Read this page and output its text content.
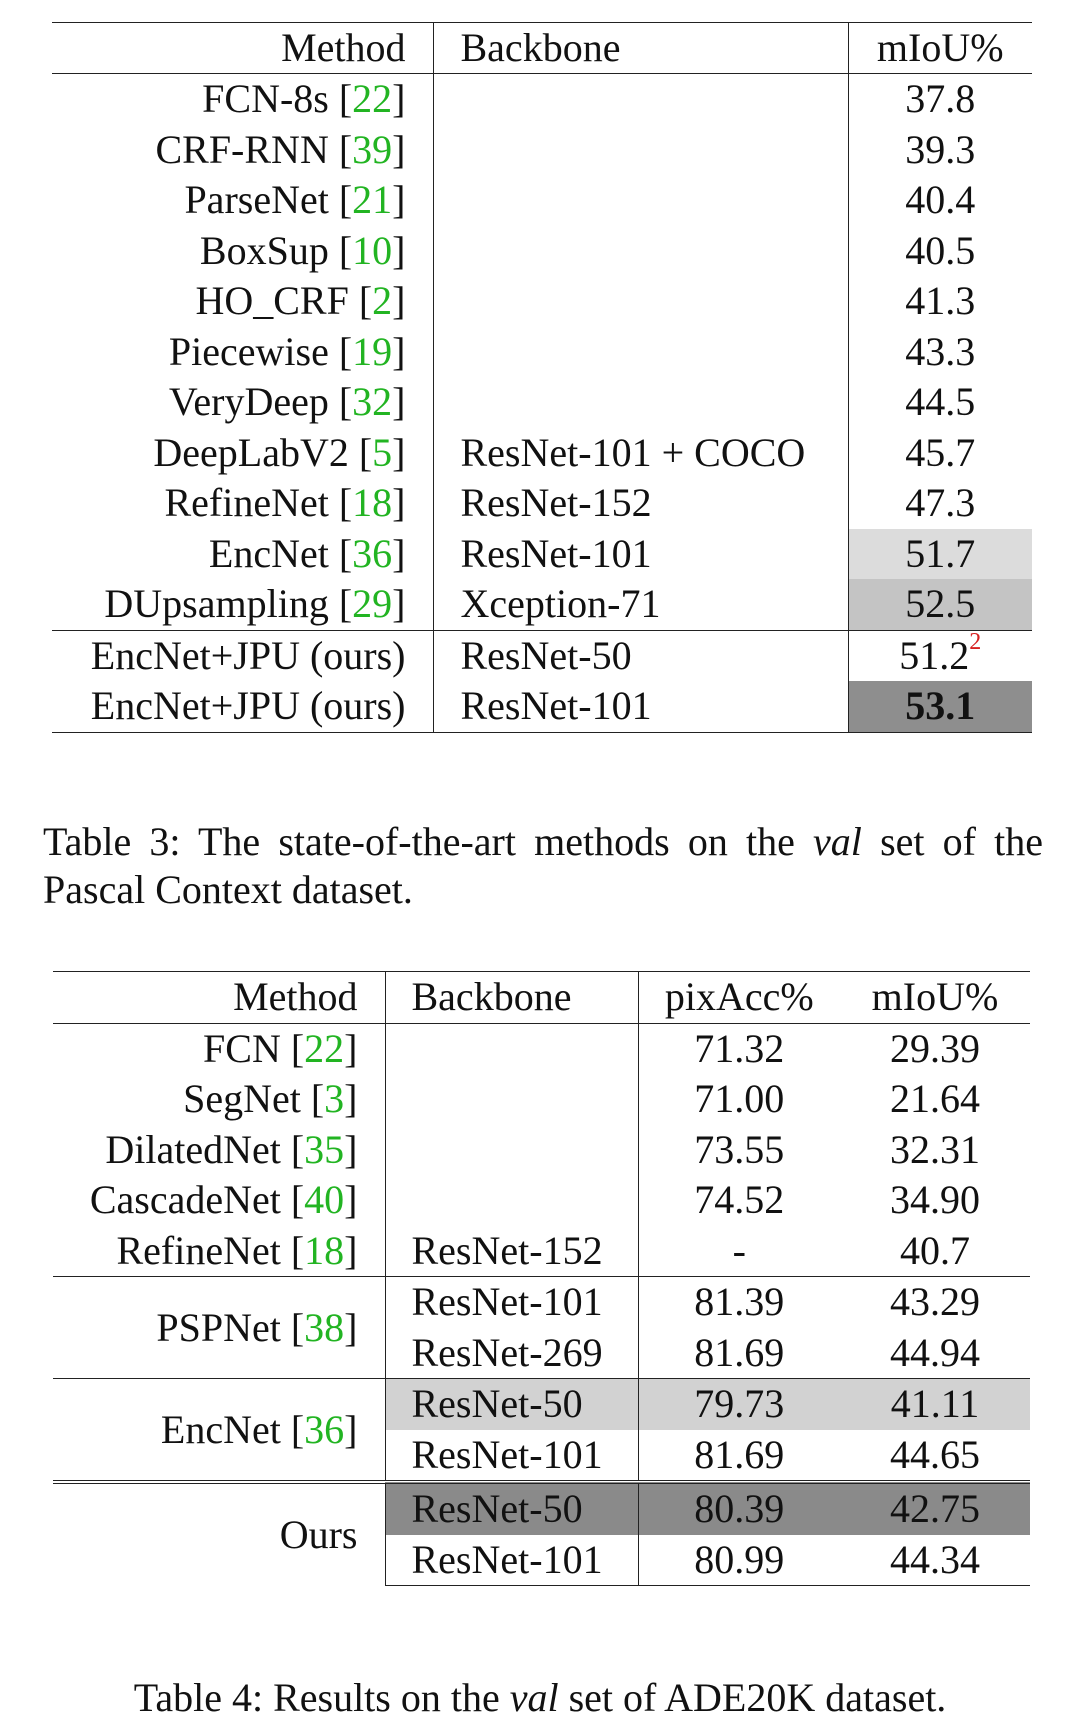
Method	Backbone	mIoU%
FCN-8s [22]		37.8
CRF-RNN [39]		39.3
ParseNet [21]		40.4
BoxSup [10]		40.5
HO_CRF [2]		41.3
Piecewise [19]		43.3
VeryDeep [32]		44.5
DeepLabV2 [5]	ResNet-101 + COCO	45.7
RefineNet [18]	ResNet-152	47.3
EncNet [36]	ResNet-101	51.7
DUpsampling [29]	Xception-71	52.5
EncNet+JPU (ours)	ResNet-50	51.2$^2$
EncNet+JPU (ours)	ResNet-101	53.1
Table 3: The state-of-the-art methods on the val set of the Pascal Context dataset.
Method	Backbone	pixAcc%	mIoU%
FCN [22]		71.32	29.39
SegNet [3]		71.00	21.64
DilatedNet [35]		73.55	32.31
CascadeNet [40]		74.52	34.90
RefineNet [18]	ResNet-152	-	40.7
PSPNet [38]	ResNet-101	81.39	43.29
	ResNet-269	81.69	44.94
EncNet [36]	ResNet-50	79.73	41.11
	ResNet-101	81.69	44.65
Ours	ResNet-50	80.39	42.75
	ResNet-101	80.99	44.34
Table 4: Results on the val set of ADE20K dataset.
